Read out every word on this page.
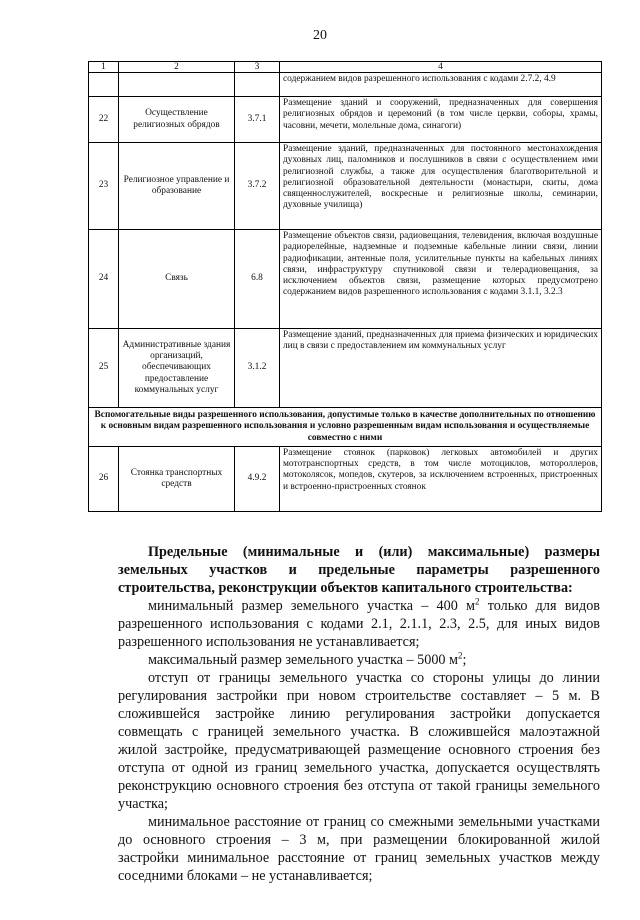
20
1	2	3	4
			содержанием видов разрешенного использования с кодами 2.7.2, 4.9
22	Осуществление религиозных обрядов	3.7.1	Размещение зданий и сооружений, предназначенных для совершения религиозных обрядов и церемоний (в том числе церкви, соборы, храмы, часовни, мечети, молельные дома, синагоги)
23	Религиозное управление и образование	3.7.2	Размещение зданий, предназначенных для постоянного местонахождения духовных лиц, паломников и послушников в связи с осуществлением ими религиозной службы, а также для осуществления благотворительной и религиозной образовательной деятельности (монастыри, скиты, дома священнослужителей, воскресные и религиозные школы, семинарии, духовные училища)
24	Связь	6.8	Размещение объектов связи, радиовещания, телевидения, включая воздушные радиорелейные, надземные и подземные кабельные линии связи, линии радиофикации, антенные поля, усилительные пункты на кабельных линиях связи, инфраструктуру спутниковой связи и телерадиовещания, за исключением объектов связи, размещение которых предусмотрено содержанием видов разрешенного использования с кодами 3.1.1, 3.2.3
25	Административные здания организаций, обеспечивающих предоставление коммунальных услуг	3.1.2	Размещение зданий, предназначенных для приема физических и юридических лиц в связи с предоставлением им коммунальных услуг
Вспомогательные виды разрешенного использования, допустимые только в качестве дополнительных по отношению к основным видам разрешенного использования и условно разрешенным видам использования и осуществляемые совместно с ними			
26	Стоянка транспортных средств	4.9.2	Размещение стоянок (парковок) легковых автомобилей и других мототранспортных средств, в том числе мотоциклов, мотороллеров, мотоколясок, мопедов, скутеров, за исключением встроенных, пристроенных и встроенно-пристроенных стоянок

Предельные (минимальные и (или) максимальные) размеры земельных участков и предельные параметры разрешенного строительства, реконструкции объектов капитального строительства:

минимальный размер земельного участка – 400 $м^2$ только для видов разрешенного использования с кодами 2.1, 2.1.1, 2.3, 2.5, для иных видов разрешенного использования не устанавливается;

максимальный размер земельного участка – 5000 $м^2$;

отступ от границы земельного участка со стороны улицы до линии регулирования застройки при новом строительстве составляет – 5 м. В сложившейся застройке линию регулирования застройки допускается совмещать с границей земельного участка. В сложившейся малоэтажной жилой застройке, предусматривающей размещение основного строения без отступа от одной из границ земельного участка, допускается осуществлять реконструкцию основного строения без отступа от такой границы земельного участка;

минимальное расстояние от границ со смежными земельными участками до основного строения – 3 м, при размещении блокированной жилой застройки минимальное расстояние от границ земельных участков между соседними блоками – не устанавливается;
